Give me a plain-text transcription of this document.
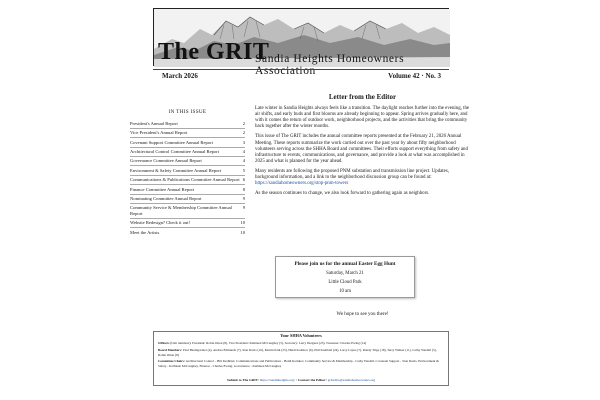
The GRIT
Sandia Heights Homeowners Association
March 2026	Volume 42 · No. 3
IN THIS ISSUE
President's Annual Report	2
Vice President's Annual Report	2
Covenant Support Committee Annual Report	3
Architectural Control Committee Annual Report	4
Governance Committee Annual Report	4
Environment & Safety Committee Annual Report	5
Communications & Publications Committee Annual Report 6
Finance Committee Annual Report	8
Nominating Committee Annual Report	9
Community Service & Membership Committee Annual Report
9
Website Redesign? Check it out!	10
Meet the Artists	10
Letter from the Editor

Late winter in Sandia Heights always feels like a transition. The daylight reaches further into the evening, the air shifts, and early buds and first blooms are already beginning to appear. Spring arrives gradually here, and with it comes the return of outdoor work, neighborhood projects, and the activities that bring the community back together after the winter months.

This issue of The GRIT includes the annual committee reports presented at the February 21, 2026 Annual Meeting. These reports summarize the work carried out over the past year by about fifty neighborhood volunteers serving across the SHHA Board and committees. Their efforts support everything from safety and infrastructure to events, communications, and governance, and provide a look at what was accomplished in 2025 and what is planned for the year ahead.

Many residents are following the proposed PNM substation and transmission line project. Updates, background information, and a link to the neighborhood discussion group can be found at: https://sandiahomeowners.org/stop-pnm-towers

As the season continues to change, we also look forward to gathering again as neighbors.

Please join us for the annual Easter Egg Hunt
Saturday, March 21
Little Cloud Park
10 am
We hope to see you there!
Your SHHA Volunteers
Officers (Unit numbers): President: Robin Otten (8), Vice President: Kathleen McCaughey (5), Secretary: Larry Dreguez (23), Treasurer: Charles Ewing (14)
Board Members: Paul Baumgartner (4), Andrea Edmunds (7), Stan Davis (16), Martin Kirk (25), Heidi Komkov (6), Phil Krehbiel (24), Larry Layne (7), Randy Tripp (18), Terry Walker (11), Cathy Yandell (5), Robin Otten (8)
Committee Chairs: Architectural Control - Phil Krehbiel, Communications and Publications - Heidi Komkov, Community Service & Membership - Cathy Yandell, Covenant Support - Stan Davis, Environment & Safety - Kathleen McCaughey, Finance - Charles Ewing, Governance - Kathleen McCaughey
Submit to The GRIT: https://sandiaheights.org/ / Contact the Editor: gritedito@sandiahomeowners.org
